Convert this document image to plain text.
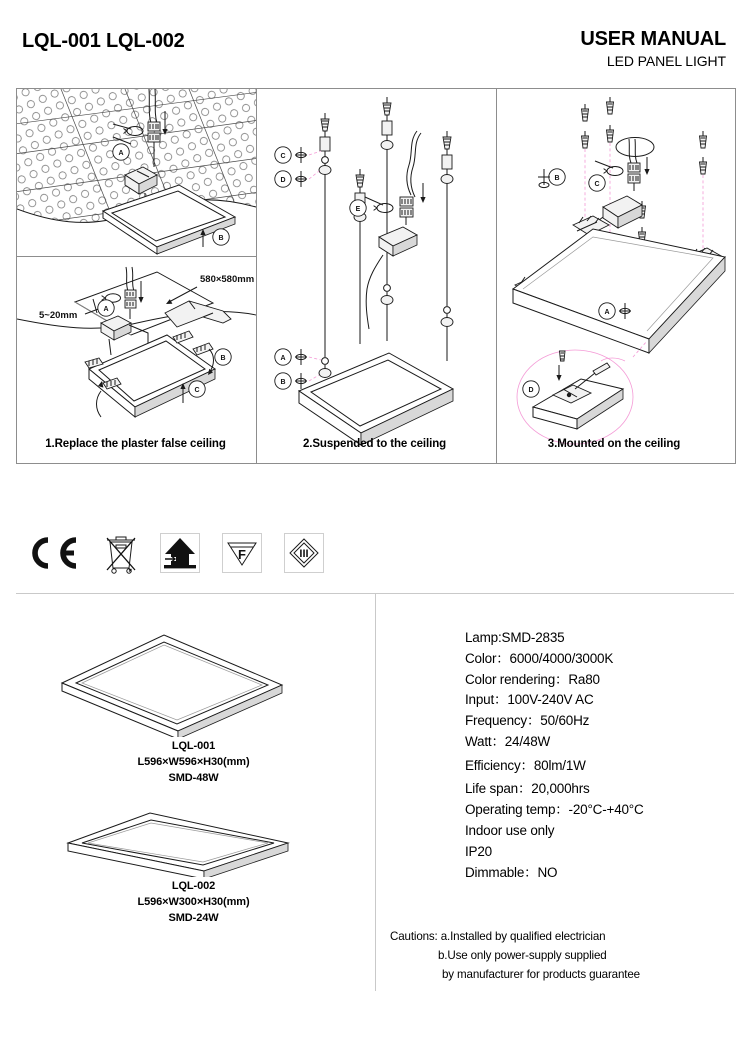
LQL-001 LQL-002	USER MANUAL
LED PANEL LIGHT
A
B
580×580mm
5~20mm
A
B
C
C
D
A
B
E
C
B
A
D
1.Replace the plaster false ceiling	2.Suspended to the ceiling	3.Mounted on the ceiling
F	III
LQL-001
L596×W596×H30(mm)
SMD-48W
LQL-002
L596×W300×H30(mm)
SMD-24W
Lamp:SMD-2835
Color：6000/4000/3000K
Color rendering：Ra80
Input：100V-240V AC
Frequency：50/60Hz
Watt：24/48W
Efficiency：80lm/1W
Life span：20,000hrs
Operating temp：-20°C-+40°C
Indoor use only
IP20
Dimmable：NO
Cautions: a.Installed by qualified electrician
b.Use only power-supply supplied
by manufacturer for products guarantee
